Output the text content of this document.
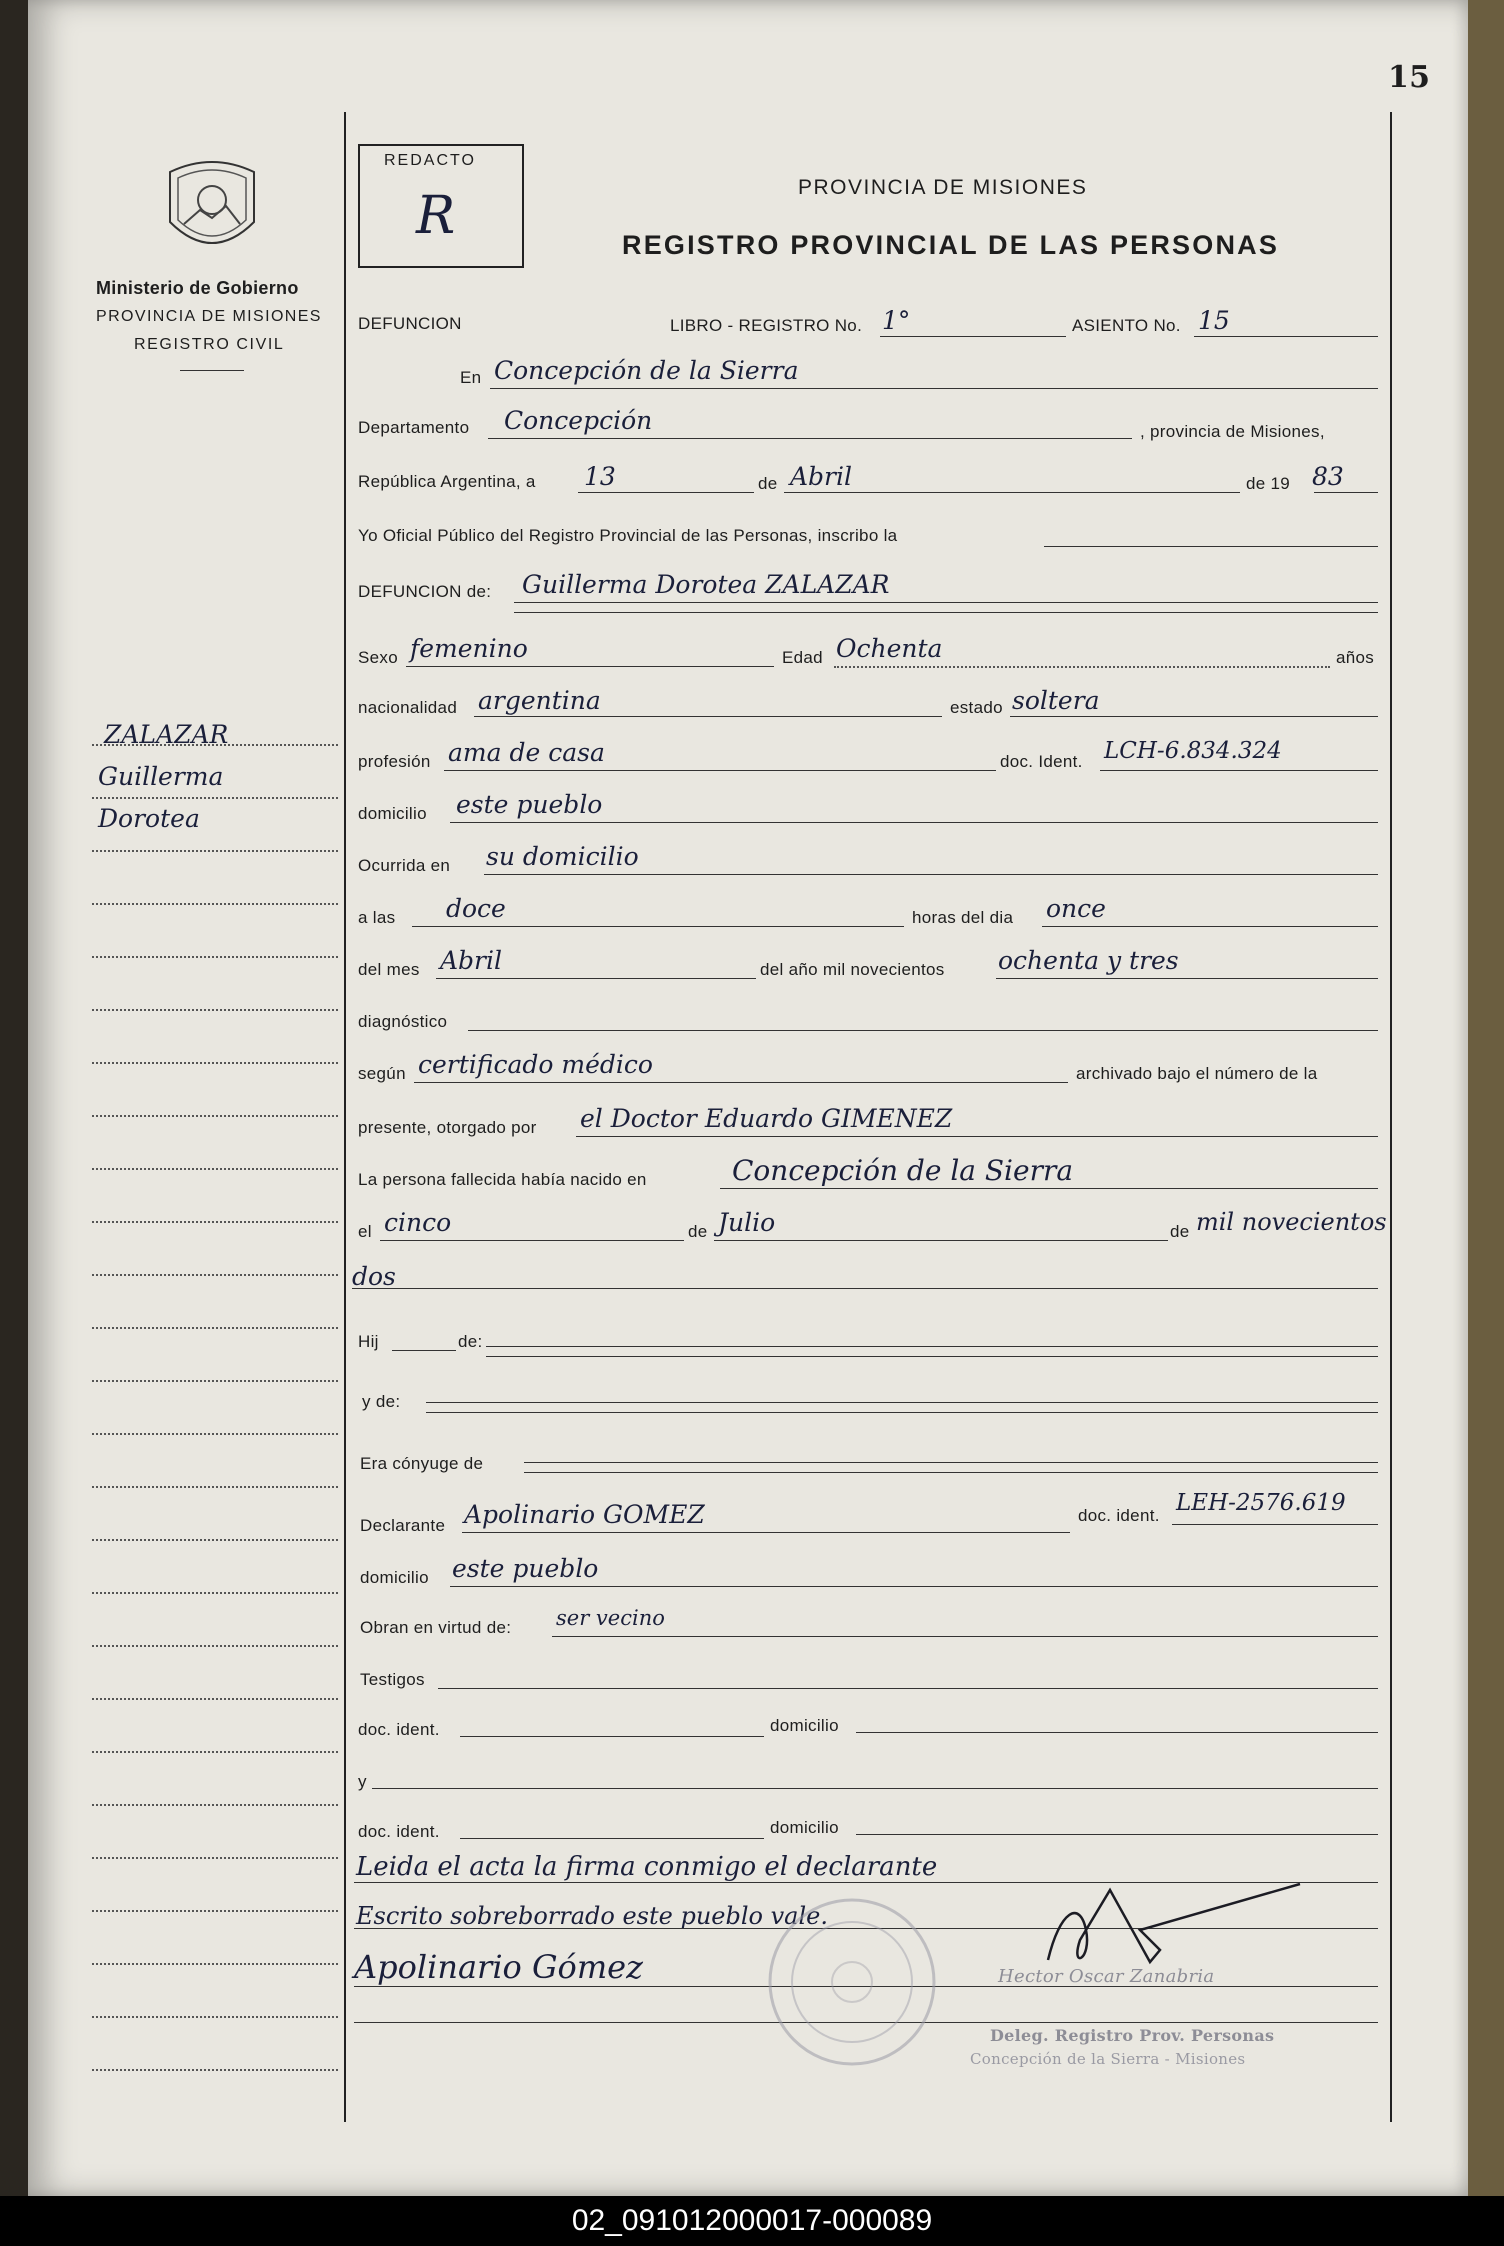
15
Ministerio de Gobierno
PROVINCIA DE MISIONES
REGISTRO CIVIL
ZALAZAR
Guillerma
Dorotea
REDACTO
R	PROVINCIA DE MISIONES
REGISTRO PROVINCIAL DE LAS PERSONAS
DEFUNCION	LIBRO - REGISTRO No. 1°	ASIENTO No. 15
En Concepción de la Sierra
Departamento Concepción	, provincia de Misiones,
República Argentina, a 13	de Abril	de 19 83
Yo Oficial Público del Registro Provincial de las Personas, inscribo la
DEFUNCION de: Guillerma Dorotea ZALAZAR
Sexo femenino	Edad Ochenta	años
nacionalidad argentina	estado soltera
profesión ama de casa	doc. Ident. LCH-6.834.324
domicilio este pueblo
Ocurrida en su domicilio
a las doce	horas del dia once
del mes Abril	del año mil novecientos ochenta y tres
diagnóstico
según certificado médico	archivado bajo el número de la
presente, otorgado por el Doctor Eduardo GIMENEZ
La persona fallecida había nacido en	Concepción de la Sierra
el cinco	de Julio	de mil novecientos
dos
Hij	de:
y de:
Era cónyuge de
Declarante Apolinario GOMEZ	doc. ident. LEH-2576.619
domicilio este pueblo
Obran en virtud de: ser vecino
Testigos
doc. ident.	domicilio
y
doc. ident.	domicilio
Leida el acta la firma conmigo el declarante
Escrito sobreborrado este pueblo vale.
Apolinario Gómez	Hector Oscar Zanabria
Deleg. Registro Prov. Personas
Concepción de la Sierra - Misiones
02_091012000017-000089
